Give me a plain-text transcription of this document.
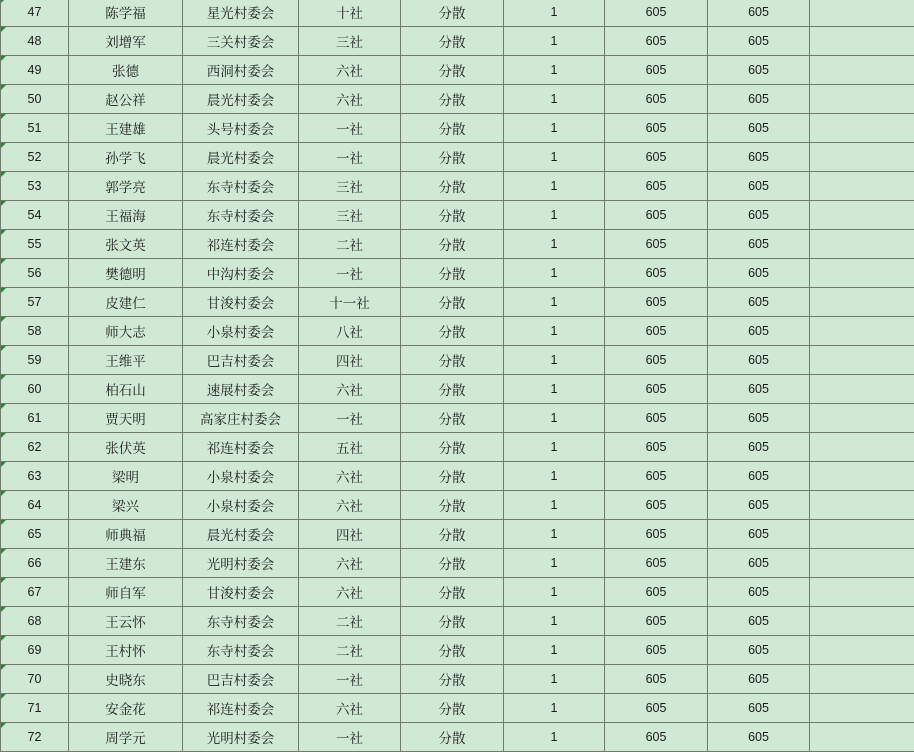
47	陈学福	星光村委会	十社	分散	1	605	605	

48	刘增军	三关村委会	三社	分散	1	605	605	

49	张德	西洞村委会	六社	分散	1	605	605	

50	赵公祥	晨光村委会	六社	分散	1	605	605	

51	王建雄	头号村委会	一社	分散	1	605	605	

52	孙学飞	晨光村委会	一社	分散	1	605	605	

53	郭学亮	东寺村委会	三社	分散	1	605	605	

54	王福海	东寺村委会	三社	分散	1	605	605	

55	张文英	祁连村委会	二社	分散	1	605	605	

56	樊德明	中沟村委会	一社	分散	1	605	605	

57	皮建仁	甘浚村委会	十一社	分散	1	605	605	

58	师大志	小泉村委会	八社	分散	1	605	605	

59	王维平	巴吉村委会	四社	分散	1	605	605	

60	柏石山	速展村委会	六社	分散	1	605	605	

61	贾天明	高家庄村委会	一社	分散	1	605	605	

62	张伏英	祁连村委会	五社	分散	1	605	605	

63	梁明	小泉村委会	六社	分散	1	605	605	

64	梁兴	小泉村委会	六社	分散	1	605	605	

65	师典福	晨光村委会	四社	分散	1	605	605	

66	王建东	光明村委会	六社	分散	1	605	605	

67	师自军	甘浚村委会	六社	分散	1	605	605	

68	王云怀	东寺村委会	二社	分散	1	605	605	

69	王村怀	东寺村委会	二社	分散	1	605	605	

70	史晓东	巴吉村委会	一社	分散	1	605	605	

71	安金花	祁连村委会	六社	分散	1	605	605	

72	周学元	光明村委会	一社	分散	1	605	605	
